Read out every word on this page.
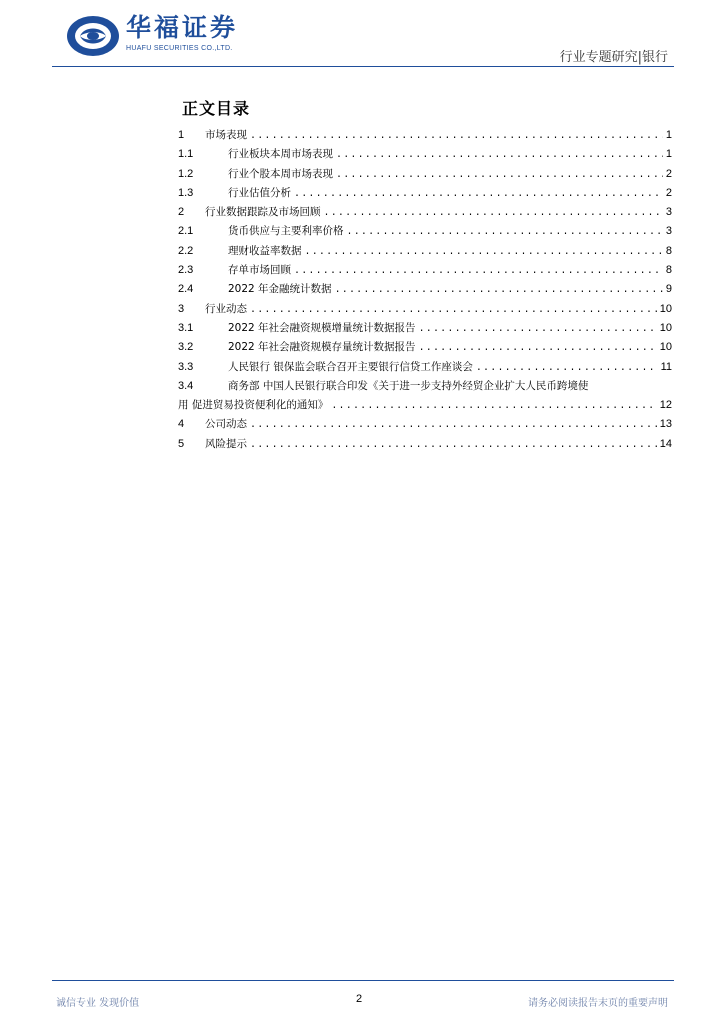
华福证券
HUAFU SECURITIES CO.,LTD.
行业专题研究|银行
正文目录
1	市场表现 .....	1
1.1	行业板块本周市场表现 .....	1
1.2	行业个股本周市场表现 .....	2
1.3	行业估值分析 .....	2
2	行业数据跟踪及市场回顾 .....	3
2.1	货币供应与主要利率价格 .....	3
2.2	理财收益率数据 .....	8
2.3	存单市场回顾 .....	8
2.4	2022 年金融统计数据 .....	9
3	行业动态 .....	10
3.1	2022 年社会融资规模增量统计数据报告 .....	10
3.2	2022 年社会融资规模存量统计数据报告 .....	10
3.3	人民银行 银保监会联合召开主要银行信贷工作座谈会 .....	11
3.4	商务部 中国人民银行联合印发《关于进一步支持外经贸企业扩大人民币跨境使
用 促进贸易投资便利化的通知》 .....	12
4	公司动态 .....	13
5	风险提示 .....	14
诚信专业 发现价值	2	请务必阅读报告末页的重要声明
